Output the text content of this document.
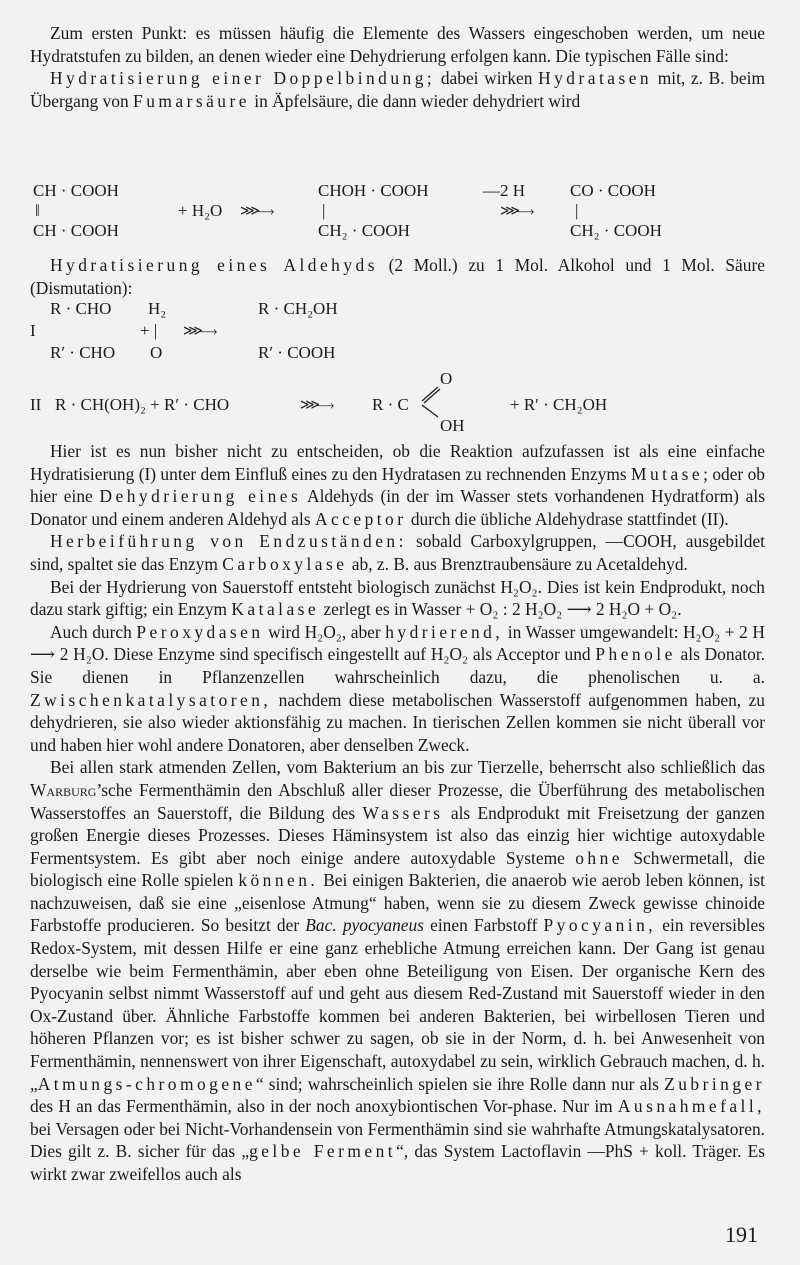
Zum ersten Punkt: es müssen häufig die Elemente des Wassers eingeschoben werden, um neue Hydratstufen zu bilden, an denen wieder eine Dehydrierung erfolgen kann. Die typischen Fälle sind:

Hydratisierung einer Doppelbindung; dabei wirken Hydratasen mit, z. B. beim Übergang von Fumarsäure in Äpfelsäure, die dann wieder dehydriert wird

CH · COOH
‖
CH · COOH
+ H₂O ⋙—›
CHOH · COOH
|
CH₂ · COOH
—2 H
⋙—›
CO · COOH
|
CH₂ · COOH

Hydratisierung eines Aldehyds (2 Moll.) zu 1 Mol. Alkohol und 1 Mol. Säure (Dismutation):

I
R · CHO
R′ · CHO
H₂
+ |
O
⋙—›
R · CH₂OH
R′ · COOH
II R · CH(OH)₂ + R′ · CHO	⋙—› R · C
O
OH
+ R′ · CH₂OH

Hier ist es nun bisher nicht zu entscheiden, ob die Reaktion aufzufassen ist als eine einfache Hydratisierung (I) unter dem Einfluß eines zu den Hydratasen zu rechnenden Enzyms Mutase; oder ob hier eine Dehydrierung eines Aldehyds (in der im Wasser stets vorhandenen Hydratform) als Donator und einem anderen Aldehyd als Acceptor durch die übliche Aldehydrase stattfindet (II).

Herbeiführung von Endzuständen: sobald Carboxylgruppen, —COOH, ausgebildet sind, spaltet sie das Enzym Carboxylase ab, z. B. aus Brenztraubensäure zu Acetaldehyd.

Bei der Hydrierung von Sauerstoff entsteht biologisch zunächst H₂O₂. Dies ist kein Endprodukt, noch dazu stark giftig; ein Enzym Katalase zerlegt es in Wasser + O₂ : 2 H₂O₂ ⟶ 2 H₂O + O₂.

Auch durch Peroxydasen wird H₂O₂, aber hydrierend, in Wasser umgewandelt: H₂O₂ + 2 H ⟶ 2 H₂O. Diese Enzyme sind specifisch eingestellt auf H₂O₂ als Acceptor und Phenole als Donator. Sie dienen in Pflanzenzellen wahrscheinlich dazu, die phenolischen u. a. Zwischenkatalysatoren, nachdem diese metabolischen Wasserstoff aufgenommen haben, zu dehydrieren, sie also wieder aktionsfähig zu machen. In tierischen Zellen kommen sie nicht überall vor und haben hier wohl andere Donatoren, aber denselben Zweck.

Bei allen stark atmenden Zellen, vom Bakterium an bis zur Tierzelle, beherrscht also schließlich das Warburg’sche Fermenthämin den Abschluß aller dieser Prozesse, die Überführung des metabolischen Wasserstoffes an Sauerstoff, die Bildung des Wassers als Endprodukt mit Freisetzung der ganzen großen Energie dieses Prozesses. Dieses Häminsystem ist also das einzig hier wichtige autoxydable Fermentsystem. Es gibt aber noch einige andere autoxydable Systeme ohne Schwermetall, die biologisch eine Rolle spielen können. Bei einigen Bakterien, die anaerob wie aerob leben können, ist nachzuweisen, daß sie eine „eisenlose Atmung“ haben, wenn sie zu diesem Zweck gewisse chinoide Farbstoffe producieren. So besitzt der Bac. pyocyaneus einen Farbstoff Pyocyanin, ein reversibles Redox-System, mit dessen Hilfe er eine ganz erhebliche Atmung erreichen kann. Der Gang ist genau derselbe wie beim Fermenthämin, aber eben ohne Beteiligung von Eisen. Der organische Kern des Pyocyanin selbst nimmt Wasserstoff auf und geht aus diesem Red-Zustand mit Sauerstoff wieder in den Ox-Zustand über. Ähnliche Farbstoffe kommen bei anderen Bakterien, bei wirbellosen Tieren und höheren Pflanzen vor; es ist bisher schwer zu sagen, ob sie in der Norm, d. h. bei Anwesenheit von Fermenthämin, nennenswert von ihrer Eigenschaft, autoxydabel zu sein, wirklich Gebrauch machen, d. h. „Atmungs-chromogene“ sind; wahrscheinlich spielen sie ihre Rolle dann nur als Zubringer des H an das Fermenthämin, also in der noch anoxybiontischen Vor-phase. Nur im Ausnahmefall, bei Versagen oder bei Nicht-Vorhandensein von Fermenthämin sind sie wahrhafte Atmungskatalysatoren. Dies gilt z. B. sicher für das „gelbe Ferment“, das System Lactoflavin —PhS + koll. Träger. Es wirkt zwar zweifellos auch als

191
